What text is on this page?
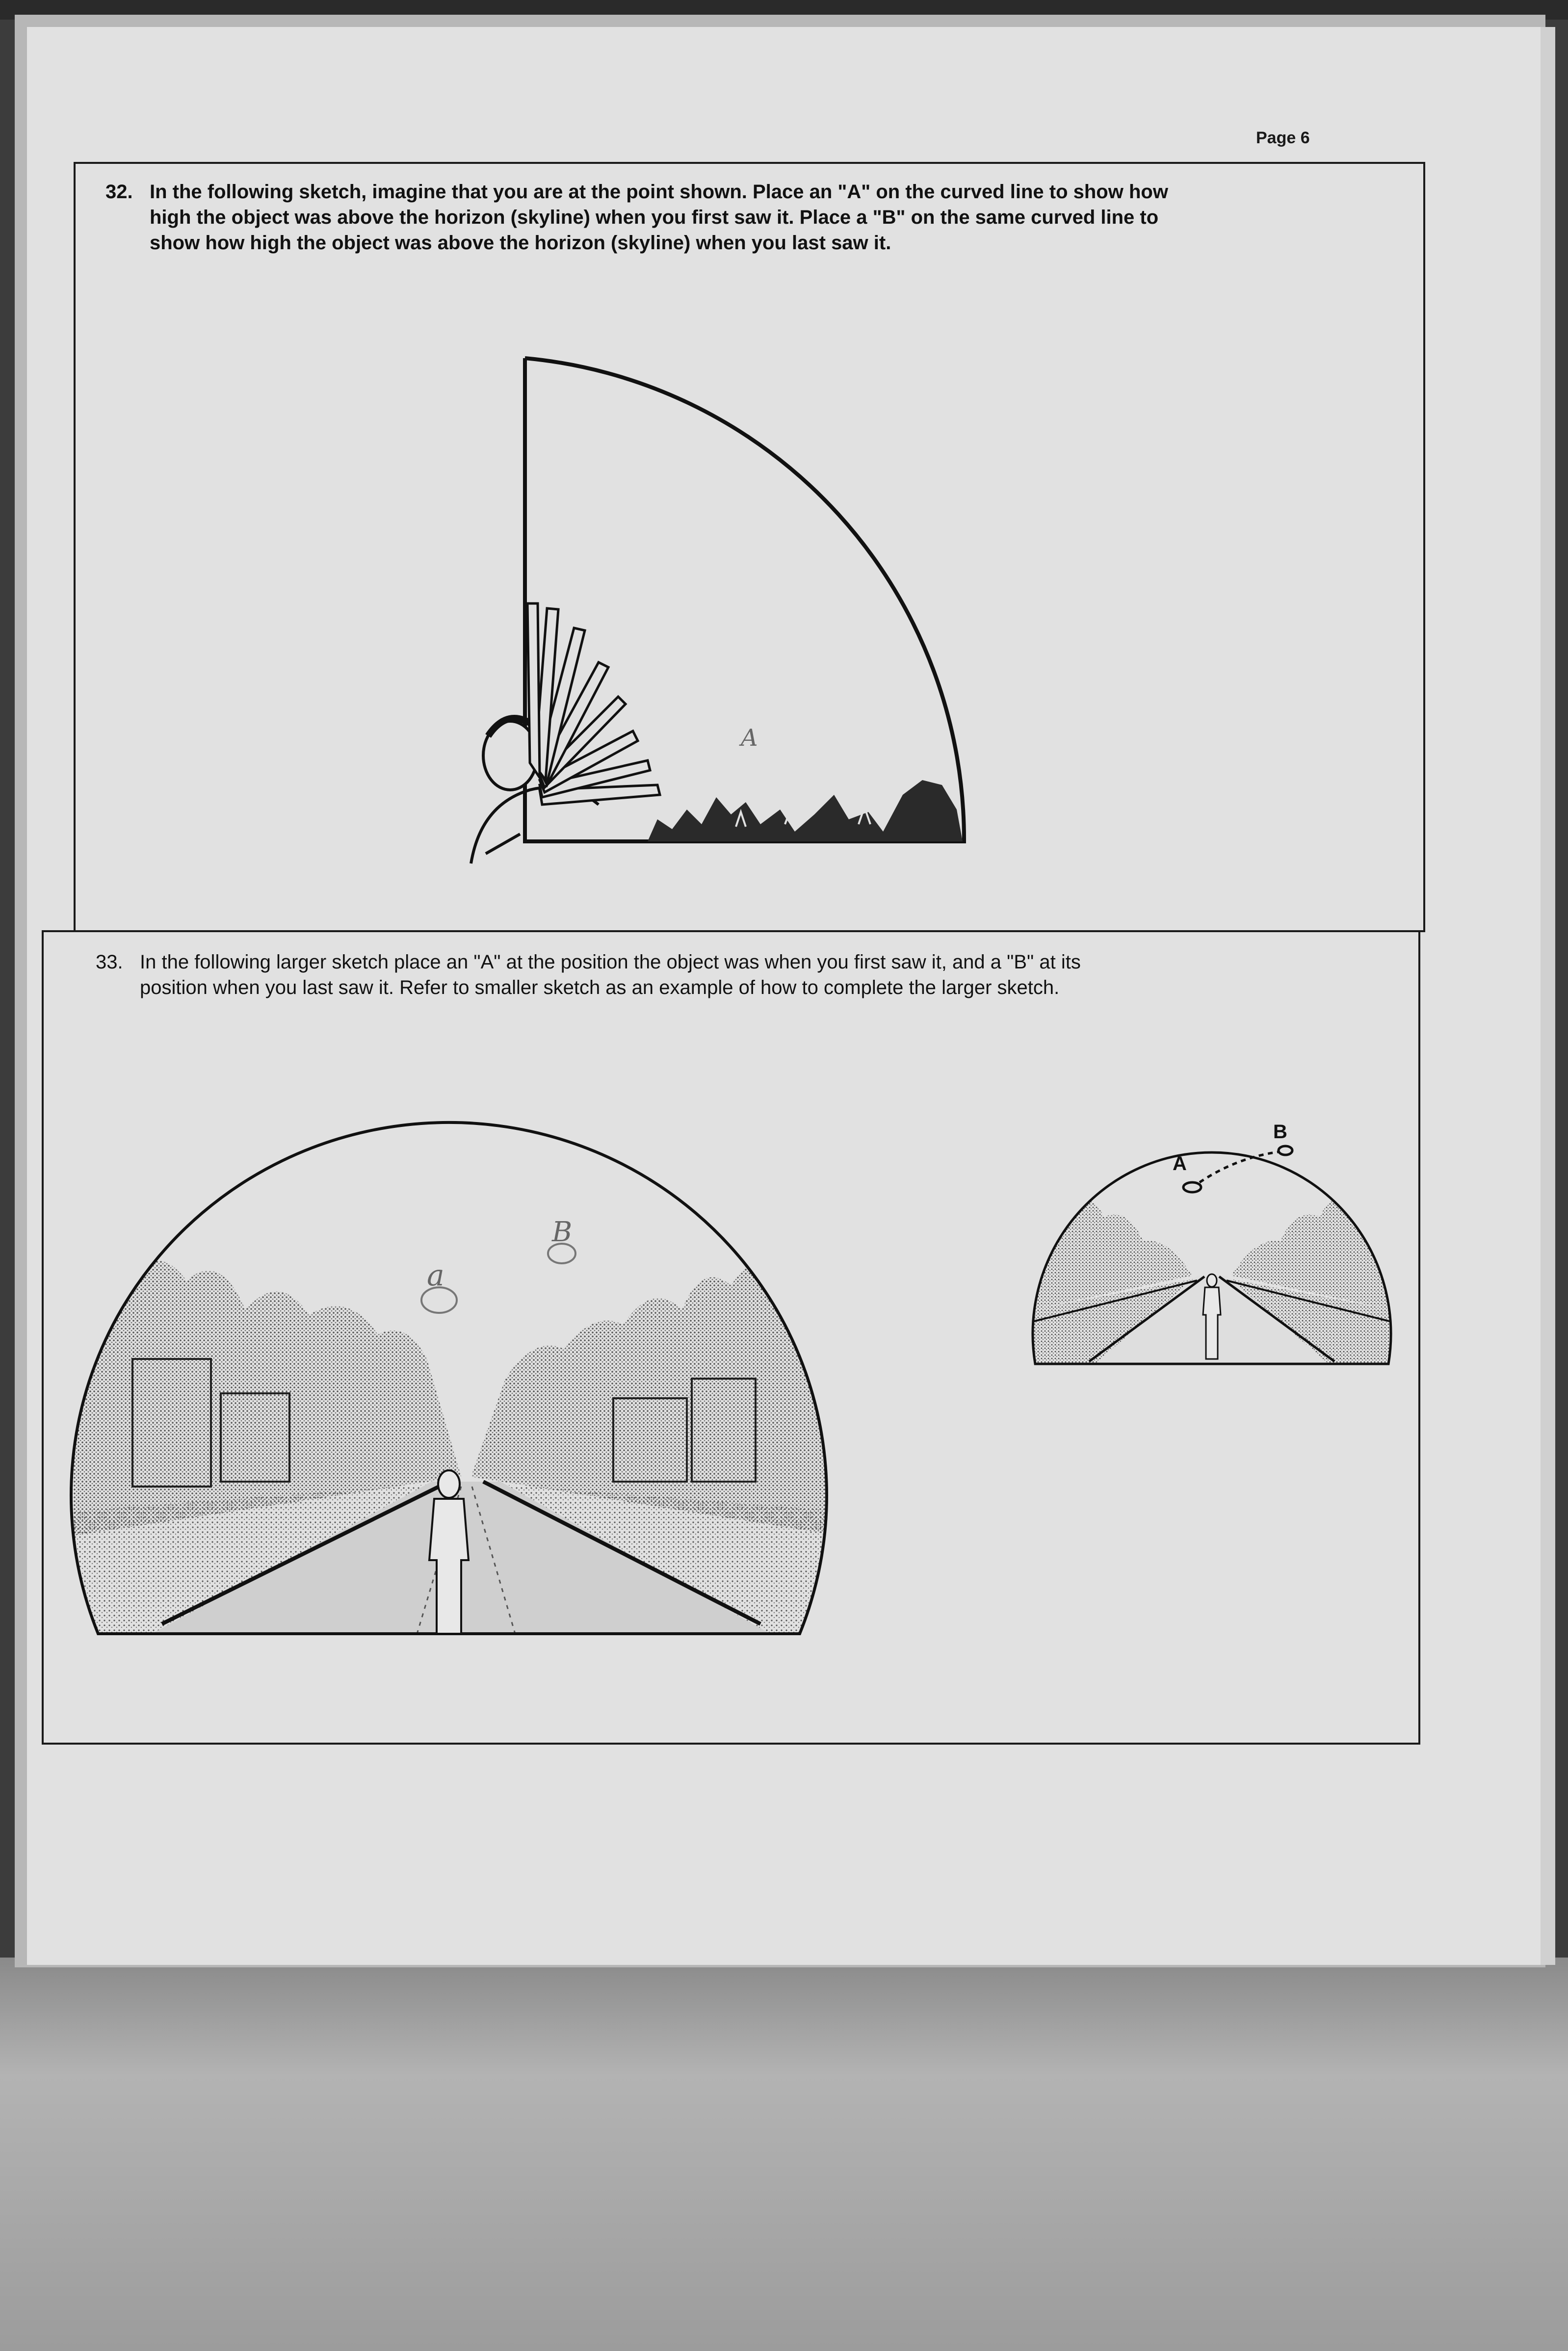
Page 6
32. In the following sketch, imagine that you are at the point shown. Place an "A" on the curved line to show how
high the object was above the horizon (skyline) when you first saw it. Place a "B" on the same curved line to
show how high the object was above the horizon (skyline) when you last saw it.
A
33. In the following larger sketch place an "A" at the position the object was when you first saw it, and a "B" at its
position when you last saw it. Refer to smaller sketch as an example of how to complete the larger sketch.
a
B
A
B
